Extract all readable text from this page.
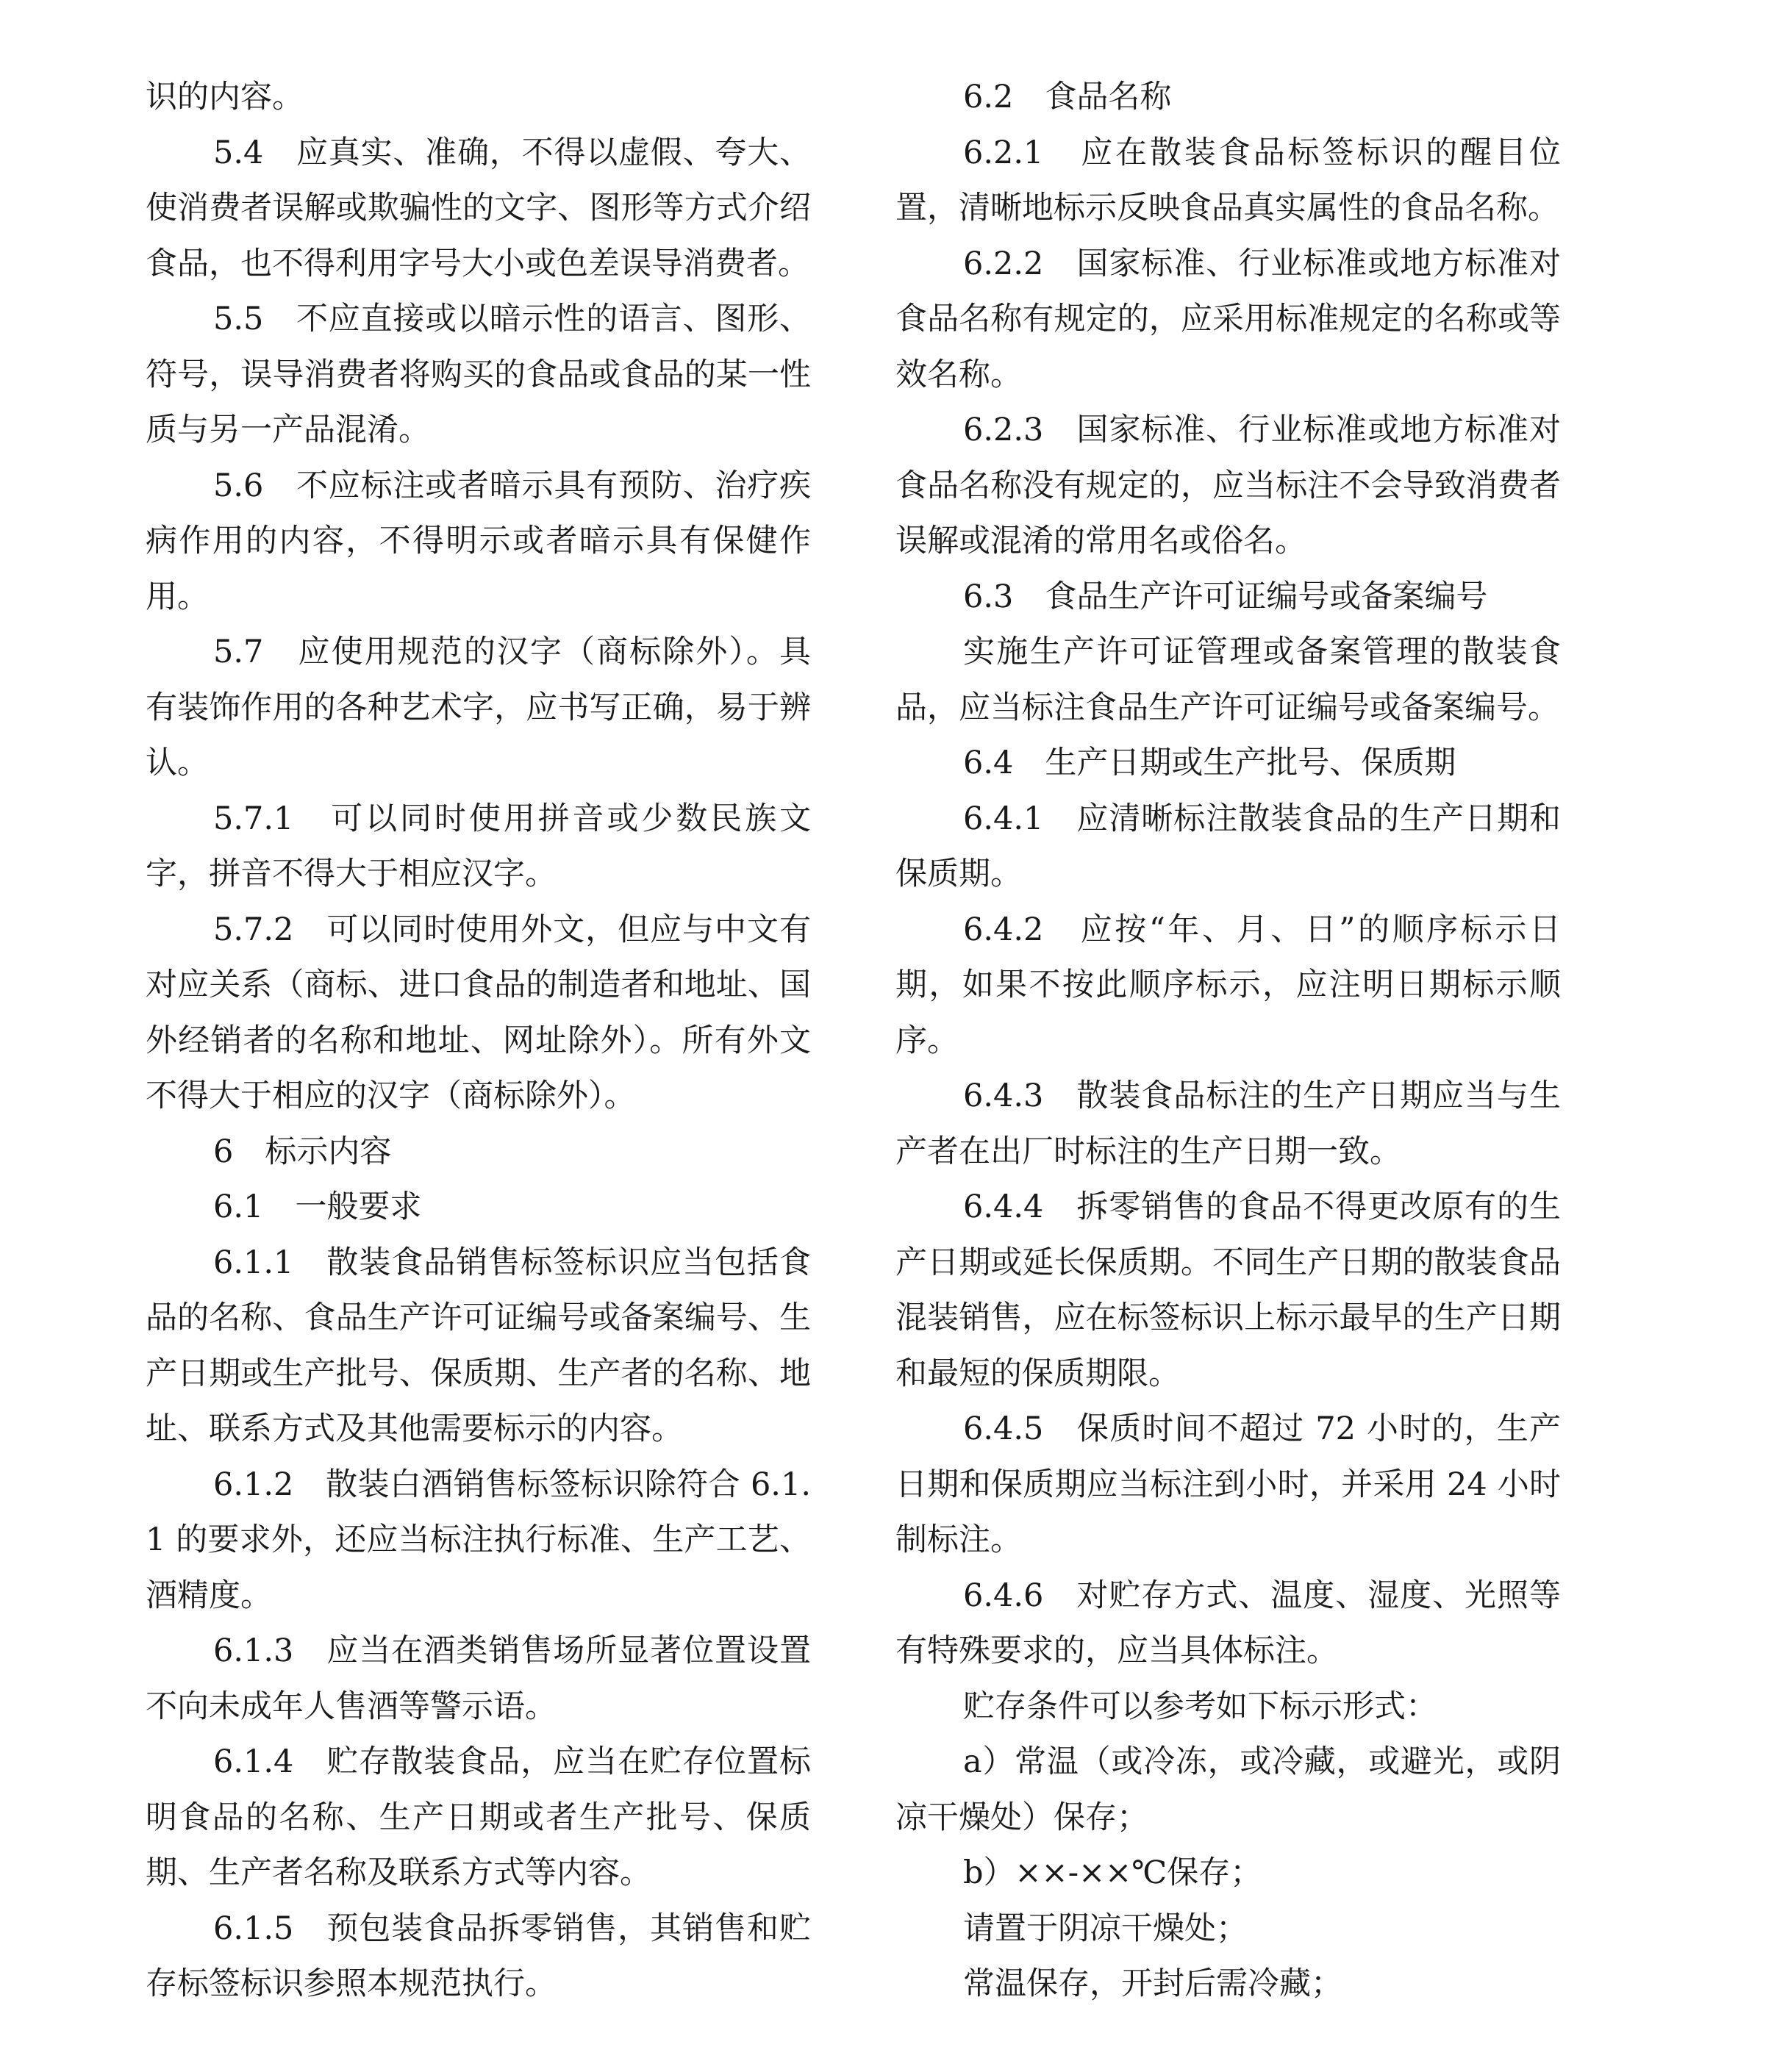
识的内容。

5.4　应真实、准确，不得以虚假、夸大、使消费者误解或欺骗性的文字、图形等方式介绍食品，也不得利用字号大小或色差误导消费者。

5.5　不应直接或以暗示性的语言、图形、符号，误导消费者将购买的食品或食品的某一性质与另一产品混淆。

5.6　不应标注或者暗示具有预防、治疗疾病作用的内容，不得明示或者暗示具有保健作用。

5.7　应使用规范的汉字（商标除外）。具有装饰作用的各种艺术字，应书写正确，易于辨认。

5.7.1　可以同时使用拼音或少数民族文字，拼音不得大于相应汉字。

5.7.2　可以同时使用外文，但应与中文有对应关系（商标、进口食品的制造者和地址、国外经销者的名称和地址、网址除外）。所有外文不得大于相应的汉字（商标除外）。

6　标示内容

6.1　一般要求

6.1.1　散装食品销售标签标识应当包括食品的名称、食品生产许可证编号或备案编号、生产日期或生产批号、保质期、生产者的名称、地址、联系方式及其他需要标示的内容。

6.1.2　散装白酒销售标签标识除符合 6.1.1 的要求外，还应当标注执行标准、生产工艺、酒精度。

6.1.3　应当在酒类销售场所显著位置设置不向未成年人售酒等警示语。

6.1.4　贮存散装食品，应当在贮存位置标明食品的名称、生产日期或者生产批号、保质期、生产者名称及联系方式等内容。

6.1.5　预包装食品拆零销售，其销售和贮存标签标识参照本规范执行。

6.2　食品名称

6.2.1　应在散装食品标签标识的醒目位置，清晰地标示反映食品真实属性的食品名称。

6.2.2　国家标准、行业标准或地方标准对食品名称有规定的，应采用标准规定的名称或等效名称。

6.2.3　国家标准、行业标准或地方标准对食品名称没有规定的，应当标注不会导致消费者误解或混淆的常用名或俗名。

6.3　食品生产许可证编号或备案编号

实施生产许可证管理或备案管理的散装食品，应当标注食品生产许可证编号或备案编号。

6.4　生产日期或生产批号、保质期

6.4.1　应清晰标注散装食品的生产日期和保质期。

6.4.2　应按“年、月、日”的顺序标示日期，如果不按此顺序标示，应注明日期标示顺序。

6.4.3　散装食品标注的生产日期应当与生产者在出厂时标注的生产日期一致。

6.4.4　拆零销售的食品不得更改原有的生产日期或延长保质期。不同生产日期的散装食品混装销售，应在标签标识上标示最早的生产日期和最短的保质期限。

6.4.5　保质时间不超过 72 小时的，生产日期和保质期应当标注到小时，并采用 24 小时制标注。

6.4.6　对贮存方式、温度、湿度、光照等有特殊要求的，应当具体标注。

贮存条件可以参考如下标示形式：

a）常温（或冷冻，或冷藏，或避光，或阴凉干燥处）保存；

b）××-××℃保存；

请置于阴凉干燥处；

常温保存，开封后需冷藏；
